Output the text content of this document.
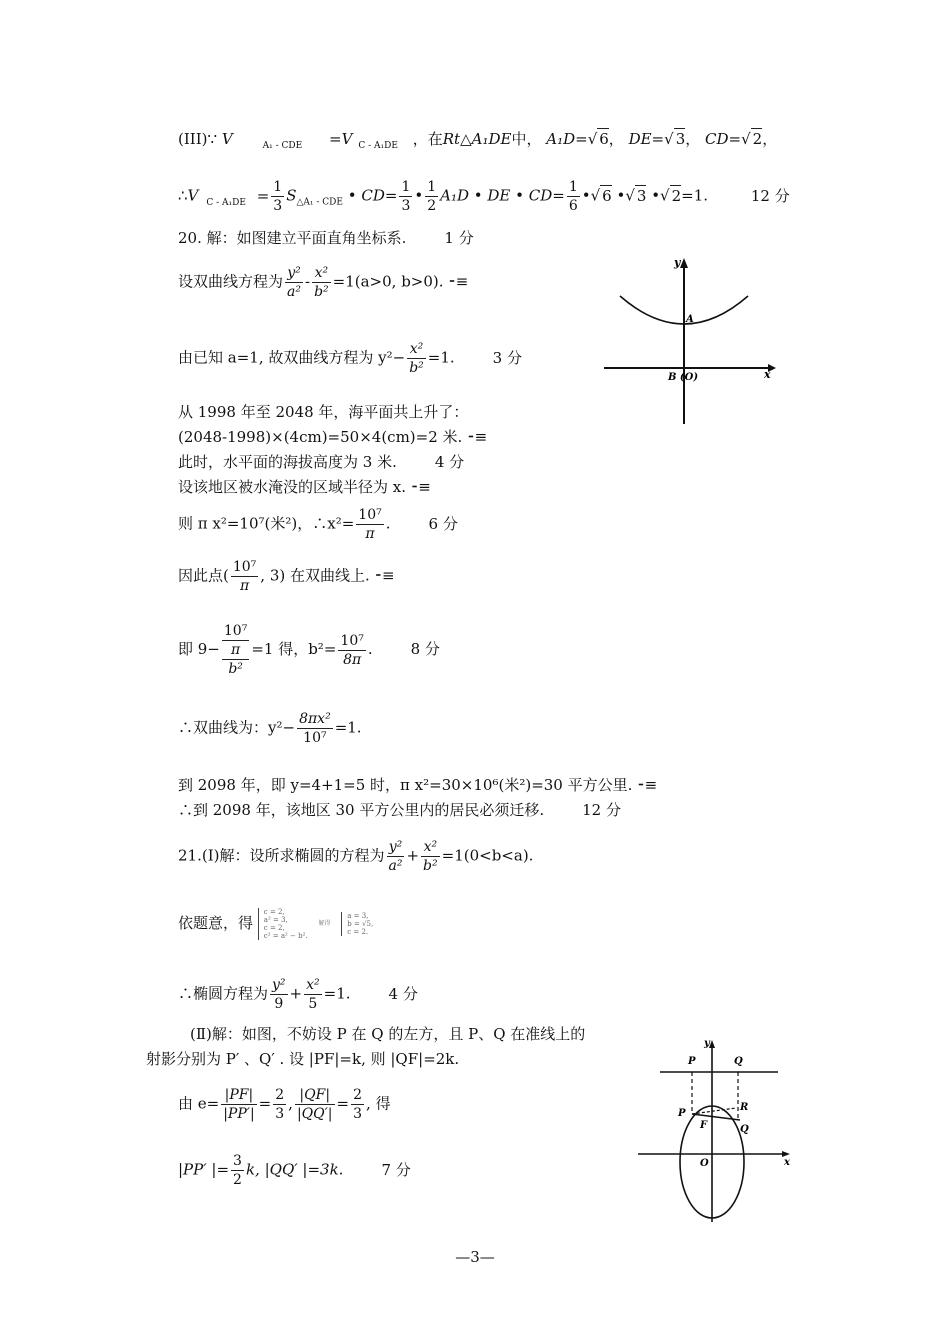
(III)∵ V	$_{A_1 - CDE}$ =V $_{C - A_1DE}$ ，在Rt△A₁DE中， A₁D=√ 6， DE=√ 3， CD=√ 2，
∴V $_{C - A_1DE} = \frac{1}{3} S_{\triangle A_1 - CDE}$ • $CD= \frac{1}{3}$ • $\frac{1}{2} A_1D$ • DE • $CD= \frac{1}{6}$ •√ 6 •√ 3 •√ 2=1.	12 分
20. 解：如图建立平面直角坐标系.	1 分
设双曲线方程为 $\frac{\text{y²}}{\text{a²}} - \frac{\text{x²}}{\text{b²}} =1(a>0$, b>0). ⁃≡
由已知 a=1, 故双曲线方程为 $y^2- \frac{\text{x²}}{\text{b²}} =1$.	3 分
从 1998 年至 2048 年，海平面共上升了：
(2048-1998)×(4cm)=50×4(cm)=2 米. ⁃≡
此时，水平面的海拔高度为 3 米.	4 分
设该地区被水淹没的区域半径为 x. ⁃≡
则 π x²=10⁷(米²)，∴x²= $\frac{\text{10⁷}}{\pi}$ .	6 分
因此点( $\frac{\text{10⁷}}{\pi}$ , 3) 在双曲线上. ⁃≡
即 9−
10⁷
π
b²
=1 得，$b^2= \frac{\text{10⁷}}{8\pi}$ .	8 分
∴双曲线为：$y^2- \frac{\text{8πx²}}{\text{10⁷}} =1$.
到 2098 年，即 y=4+1=5 时，π x²=30×10⁶(米²)=30 平方公里. ⁃≡
∴到 2098 年，该地区 30 平方公里内的居民必须迁移.	12 分
21.(Ⅰ)解：设所求椭圆的方程为 $\frac{\text{y²}}{\text{a²}} + \frac{\text{x²}}{\text{b²}} =1(0<b<a)$.
依题意，得
c = 2,
a² = 3,
c = 2,
c² = a² − b².
解得
a = 3,
b = √5,
c = 2.
∴椭圆方程为 $\frac{\text{y²}}{9} + \frac{\text{x²}}{5} =1$.	4 分
(Ⅱ)解：如图，不妨设 P 在 Q 的左方，且 P、Q 在准线上的
射影分别为 P′ 、Q′ . 设 |PF|=k, 则 |QF|=2k.
由 $e= \frac{|PF|}{|PP'|} = \frac{2}{3}$ , $\frac{|QF|}{|QQ'|} = \frac{2}{3}$ , 得
|PP′ |= $\frac{3}{2} k$, |QQ′ |=3k.	7 分
y
x
A
B (O)
y
x
O
P
Q
F
R
P	Q
—3—
